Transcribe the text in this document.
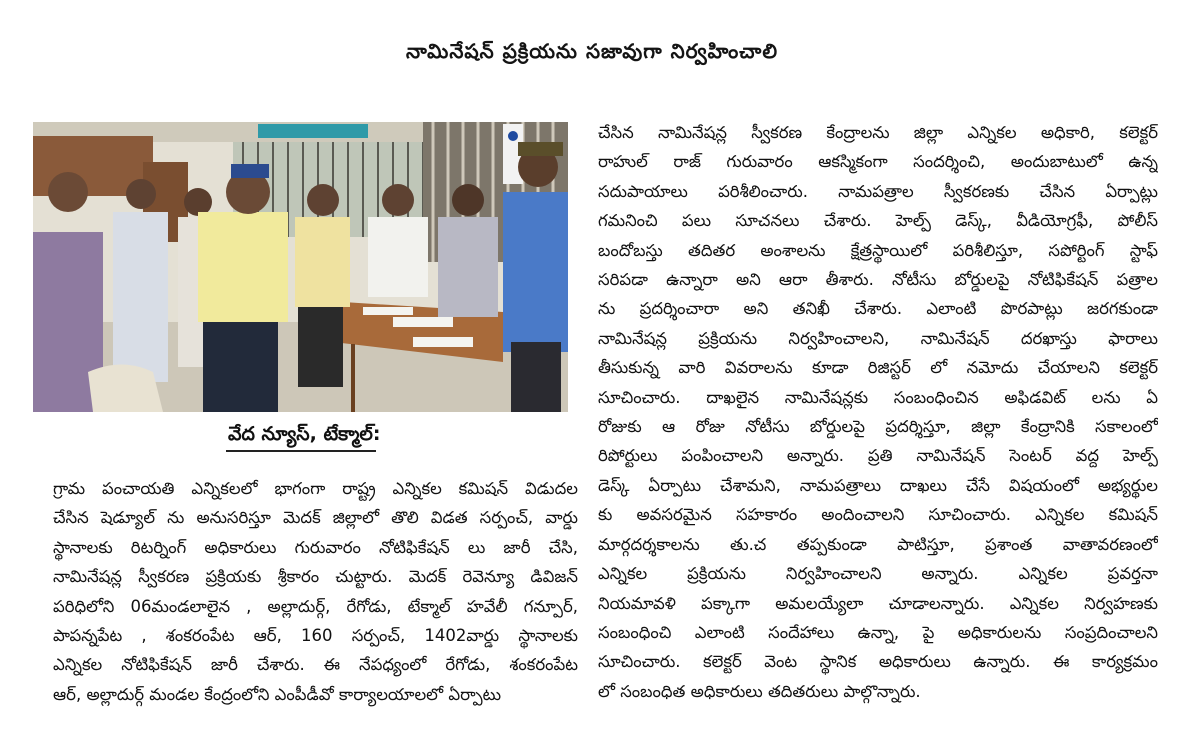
నామినేషన్ ప్రక్రియను సజావుగా నిర్వహించాలి
వేద న్యూస్, టేక్మాల్:
గ్రామ పంచాయతి ఎన్నికలలో భాగంగా రాష్ట్ర ఎన్నికల కమిషన్ విడుదల
చేసిన షెడ్యూల్ ను అనుసరిస్తూ మెదక్ జిల్లాలో తొలి విడత సర్పంచ్, వార్డు
స్థానాలకు రిటర్నింగ్ అధికారులు గురువారం నోటిఫికేషన్ లు జారీ చేసి,
నామినేషన్ల స్వీకరణ ప్రక్రియకు శ్రీకారం చుట్టారు. మెదక్ రెవెన్యూ డివిజన్
పరిధిలోని 06మండలాలైన , అల్లాదుర్గ్, రేగోడు, టేక్మాల్ హవేలీ గన్పూర్,
పాపన్నపేట , శంకరంపేట ఆర్, 160 సర్పంచ్, 1402వార్డు స్థానాలకు
ఎన్నికల నోటిఫికేషన్ జారీ చేశారు. ఈ నేపధ్యంలో రేగోడు, శంకరంపేట
ఆర్, అల్లాదుర్గ్ మండల కేంద్రంలోని ఎంపీడీవో కార్యాలయాలలో ఏర్పాటు
చేసిన నామినేషన్ల స్వీకరణ కేంద్రాలను జిల్లా ఎన్నికల అధికారి, కలెక్టర్
రాహుల్ రాజ్ గురువారం ఆకస్మికంగా సందర్శించి, అందుబాటులో ఉన్న
సదుపాయాలు పరిశీలించారు. నామపత్రాల స్వీకరణకు చేసిన ఏర్పాట్లు
గమనించి పలు సూచనలు చేశారు. హెల్ప్ డెస్క్, వీడియోగ్రఫీ, పోలీస్
బందోబస్తు తదితర అంశాలను క్షేత్రస్థాయిలో పరిశీలిస్తూ, సపోర్టింగ్ స్టాఫ్
సరిపడా ఉన్నారా అని ఆరా తీశారు. నోటీసు బోర్డులపై నోటిఫికేషన్ పత్రాల
ను ప్రదర్శించారా అని తనిఖీ చేశారు. ఎలాంటి పొరపాట్లు జరగకుండా
నామినేషన్ల ప్రక్రియను నిర్వహించాలని, నామినేషన్ దరఖాస్తు ఫారాలు
తీసుకున్న వారి వివరాలను కూడా రిజిస్టర్ లో నమోదు చేయాలని కలెక్టర్
సూచించారు. దాఖలైన నామినేషన్లకు సంబంధించిన అఫిడవిట్ లను ఏ
రోజుకు ఆ రోజు నోటీసు బోర్డులపై ప్రదర్శిస్తూ, జిల్లా కేంద్రానికి సకాలంలో
రిపోర్టులు పంపించాలని అన్నారు. ప్రతి నామినేషన్ సెంటర్ వద్ద హెల్ప్
డెస్క్ ఏర్పాటు చేశామని, నామపత్రాలు దాఖలు చేసే విషయంలో అభ్యర్థుల
కు అవసరమైన సహకారం అందించాలని సూచించారు. ఎన్నికల కమిషన్
మార్గదర్శకాలను తు.చ తప్పకుండా పాటిస్తూ, ప్రశాంత వాతావరణంలో
ఎన్నికల ప్రక్రియను నిర్వహించాలని అన్నారు. ఎన్నికల ప్రవర్తనా
నియమావళి పక్కాగా అమలయ్యేలా చూడాలన్నారు. ఎన్నికల నిర్వహణకు
సంబంధించి ఎలాంటి సందేహాలు ఉన్నా, పై అధికారులను సంప్రదించాలని
సూచించారు. కలెక్టర్ వెంట స్థానిక అధికారులు ఉన్నారు. ఈ కార్యక్రమం
లో సంబంధిత అధికారులు తదితరులు పాల్గొన్నారు.
